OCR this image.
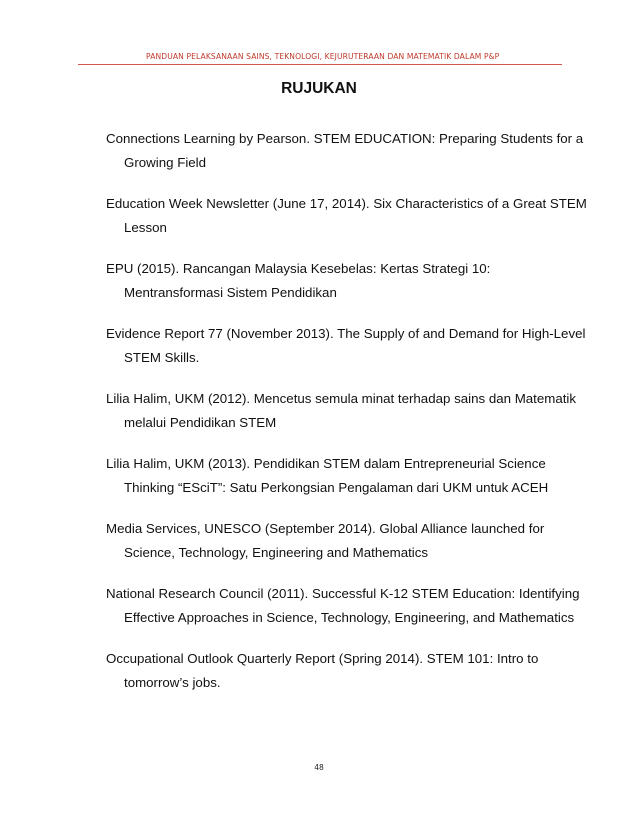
PANDUAN PELAKSANAAN SAINS, TEKNOLOGI, KEJURUTERAAN DAN MATEMATIK DALAM P&P
RUJUKAN
Connections Learning by Pearson. STEM EDUCATION: Preparing Students for a
Growing Field
Education Week Newsletter (June 17, 2014). Six Characteristics of a Great STEM
Lesson
EPU (2015). Rancangan Malaysia Kesebelas: Kertas Strategi 10:
Mentransformasi Sistem Pendidikan
Evidence Report 77 (November 2013). The Supply of and Demand for High-Level
STEM Skills.
Lilia Halim, UKM (2012). Mencetus semula minat terhadap sains dan Matematik
melalui Pendidikan STEM
Lilia Halim, UKM (2013). Pendidikan STEM dalam Entrepreneurial Science
Thinking “ESciT”: Satu Perkongsian Pengalaman dari UKM untuk ACEH
Media Services, UNESCO (September 2014). Global Alliance launched for
Science, Technology, Engineering and Mathematics
National Research Council (2011). Successful K-12 STEM Education: Identifying
Effective Approaches in Science, Technology, Engineering, and Mathematics
Occupational Outlook Quarterly Report (Spring 2014). STEM 101: Intro to
tomorrow’s jobs.
48
